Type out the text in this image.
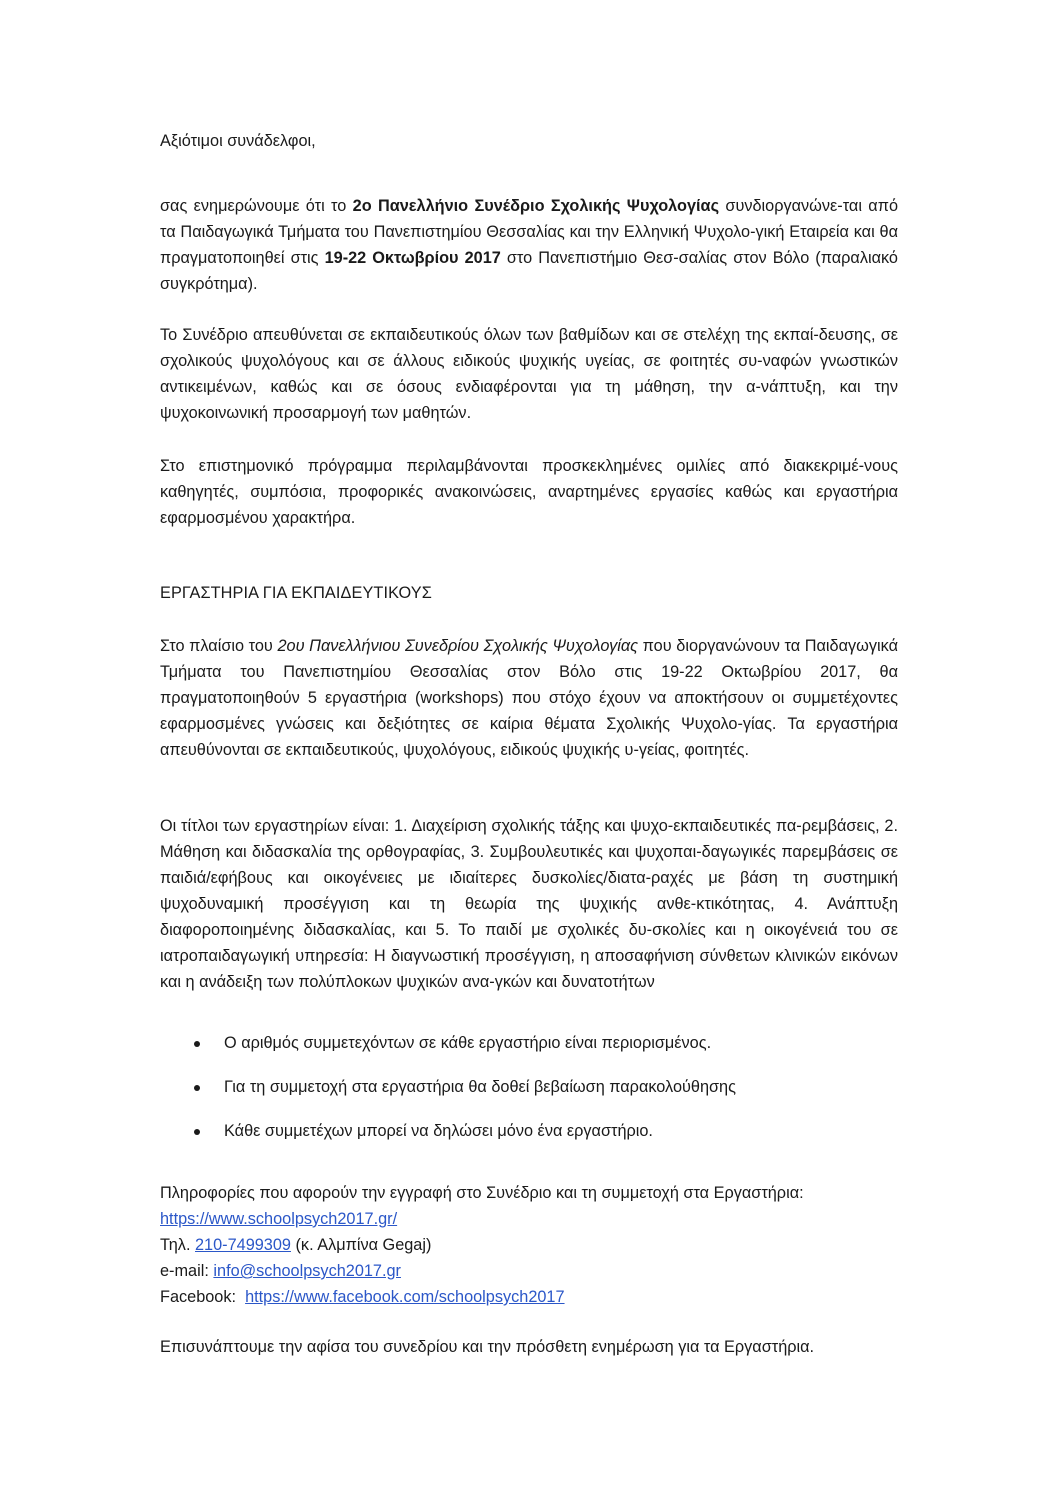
Αξιότιμοι συνάδελφοι,

σας ενημερώνουμε ότι το 2ο Πανελλήνιο Συνέδριο Σχολικής Ψυχολογίας συνδιοργανώνε-ται από τα Παιδαγωγικά Τμήματα του Πανεπιστημίου Θεσσαλίας και την Ελληνική Ψυχολο-γική Εταιρεία και θα πραγματοποιηθεί στις 19-22 Οκτωβρίου 2017 στο Πανεπιστήμιο Θεσ-σαλίας στον Βόλο (παραλιακό συγκρότημα).

Το Συνέδριο απευθύνεται σε εκπαιδευτικούς όλων των βαθμίδων και σε στελέχη της εκπαί-δευσης, σε σχολικούς ψυχολόγους και σε άλλους ειδικούς ψυχικής υγείας, σε φοιτητές συ-ναφών γνωστικών αντικειμένων, καθώς και σε όσους ενδιαφέρονται για τη μάθηση, την α-νάπτυξη, και την ψυχοκοινωνική προσαρμογή των μαθητών.

Στο επιστημονικό πρόγραμμα περιλαμβάνονται προσκεκλημένες ομιλίες από διακεκριμέ-νους καθηγητές, συμπόσια, προφορικές ανακοινώσεις, αναρτημένες εργασίες καθώς και εργαστήρια εφαρμοσμένου χαρακτήρα.

ΕΡΓΑΣΤΗΡΙΑ ΓΙΑ ΕΚΠΑΙΔΕΥΤΙΚΟΥΣ

Στο πλαίσιο του 2ου Πανελλήνιου Συνεδρίου Σχολικής Ψυχολογίας που διοργανώνουν τα Παιδαγωγικά Τμήματα του Πανεπιστημίου Θεσσαλίας στον Βόλο στις 19-22 Οκτωβρίου 2017, θα πραγματοποιηθούν 5 εργαστήρια (workshops) που στόχο έχουν να αποκτήσουν οι συμμετέχοντες εφαρμοσμένες γνώσεις και δεξιότητες σε καίρια θέματα Σχολικής Ψυχολο-γίας. Τα εργαστήρια απευθύνονται σε εκπαιδευτικούς, ψυχολόγους, ειδικούς ψυχικής υ-γείας, φοιτητές.

Οι τίτλοι των εργαστηρίων είναι: 1. Διαχείριση σχολικής τάξης και ψυχο-εκπαιδευτικές πα-ρεμβάσεις, 2. Μάθηση και διδασκαλία της ορθογραφίας, 3. Συμβουλευτικές και ψυχοπαι-δαγωγικές παρεμβάσεις σε παιδιά/εφήβους και οικογένειες με ιδιαίτερες δυσκολίες/διατα-ραχές με βάση τη συστημική ψυχοδυναμική προσέγγιση και τη θεωρία της ψυχικής ανθε-κτικότητας, 4. Ανάπτυξη διαφοροποιημένης διδασκαλίας, και 5. Το παιδί με σχολικές δυ-σκολίες και η οικογένειά του σε ιατροπαιδαγωγική υπηρεσία: Η διαγνωστική προσέγγιση, η αποσαφήνιση σύνθετων κλινικών εικόνων και η ανάδειξη των πολύπλοκων ψυχικών ανα-γκών και δυνατοτήτων

Ο αριθμός συμμετεχόντων σε κάθε εργαστήριο είναι περιορισμένος.
Για τη συμμετοχή στα εργαστήρια θα δοθεί βεβαίωση παρακολούθησης
Κάθε συμμετέχων μπορεί να δηλώσει μόνο ένα εργαστήριο.
Πληροφορίες που αφορούν την εγγραφή στο Συνέδριο και τη συμμετοχή στα Εργαστήρια:
https://www.schoolpsych2017.gr/
Τηλ. 210-7499309 (κ. Αλμπίνα Gegaj)
e-mail: info@schoolpsych2017.gr
Facebook:  https://www.facebook.com/schoolpsych2017

Επισυνάπτουμε την αφίσα του συνεδρίου και την πρόσθετη ενημέρωση για τα Εργαστήρια.
